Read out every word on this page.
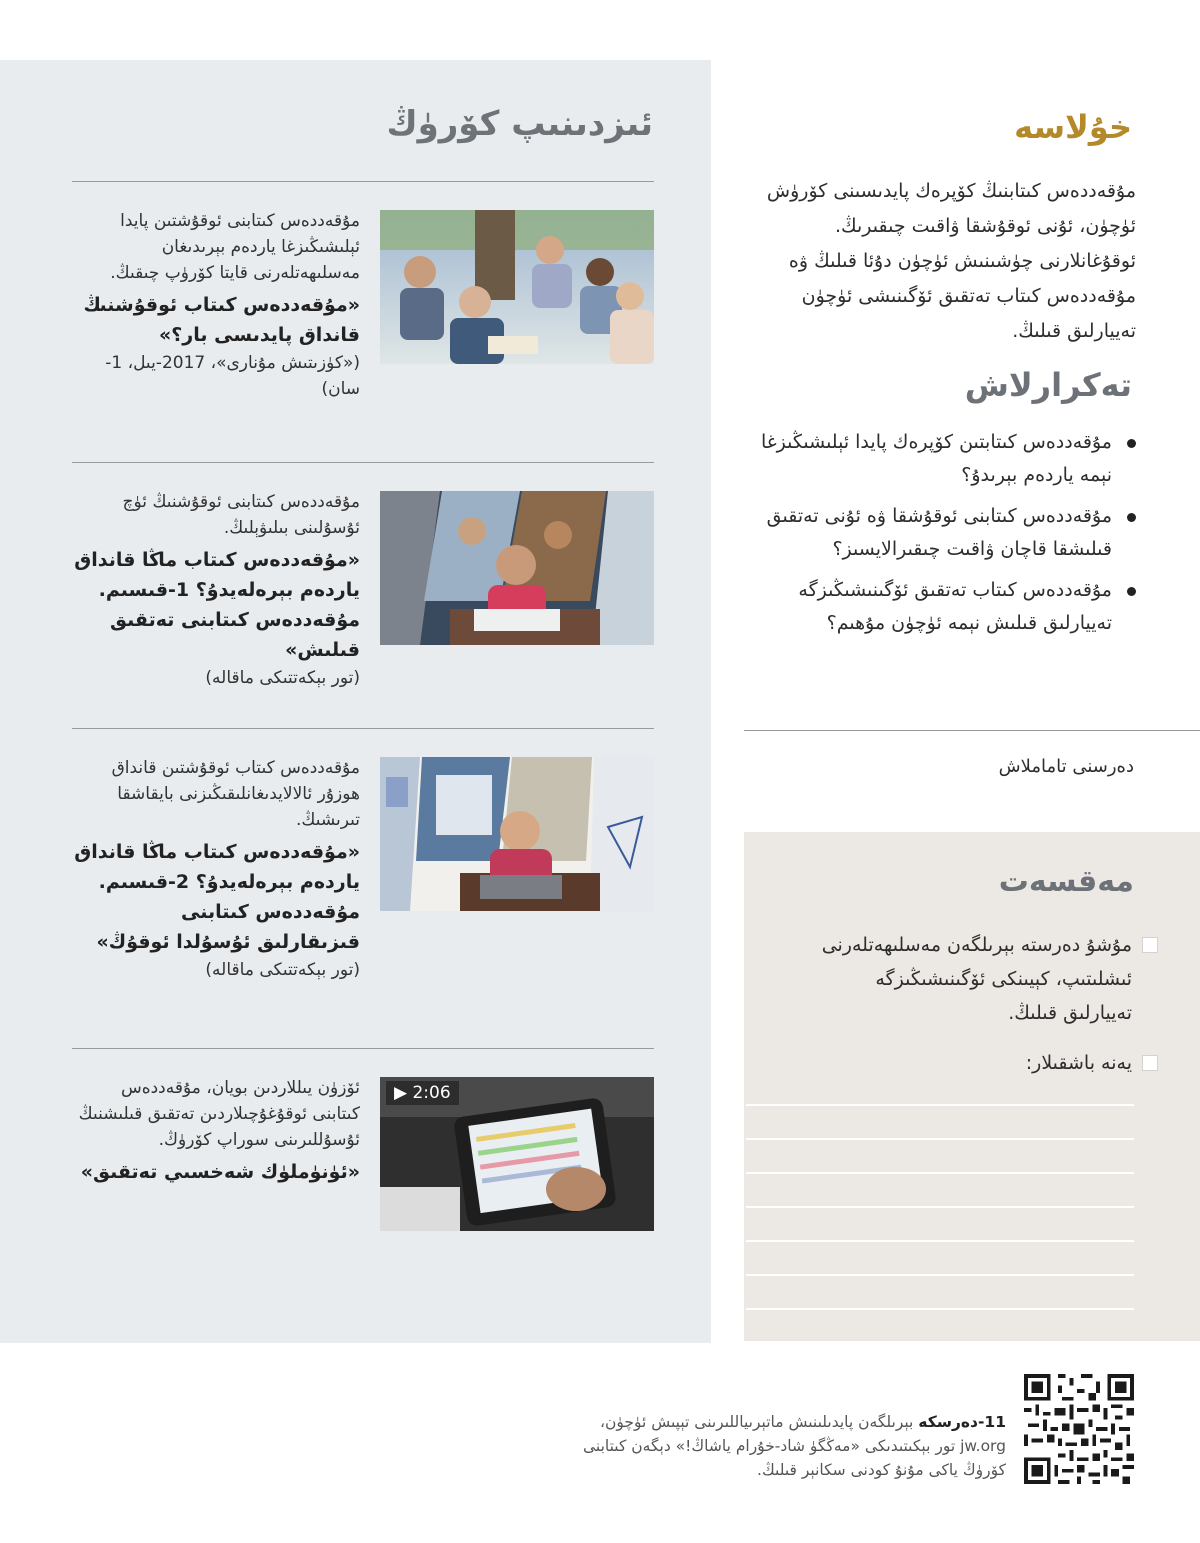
ئىزدىنىپ كۆرۈڭ
مۇقەددەس كىتابنى ئوقۇشتىن پايدا ئېلىشىڭىزغا ياردەم بېرىدىغان مەسلىھەتلەرنى قايتا كۆرۈپ چىقىڭ.
«مۇقەددەس كىتاب ئوقۇشنىڭ قانداق پايدىسى بار؟»
(«كۈزىتىش مۇنارى»، 2017-يىل، 1-سان)
مۇقەددەس كىتابنى ئوقۇشنىڭ ئۈچ ئۇسۇلىنى بىلىۋېلىڭ.
«مۇقەددەس كىتاب ماڭا قانداق ياردەم بېرەلەيدۇ؟ 1-قىسىم. مۇقەددەس كىتابنى تەتقىق قىلىش»
(تور بېكەتتىكى ماقالە)
مۇقەددەس كىتاب ئوقۇشتىن قانداق ھوزۇر ئالالايدىغانلىقىڭىزنى بايقاشقا تىرىشىڭ.
«مۇقەددەس كىتاب ماڭا قانداق ياردەم بېرەلەيدۇ؟ 2-قىسىم. مۇقەددەس كىتابنى قىزىقارلىق ئۇسۇلدا ئوقۇڭ»
(تور بېكەتتىكى ماقالە)
▶ 2:06
ئۆزۈن يىللاردىن بويان، مۇقەددەس كىتابنى ئوقۇغۇچىلاردىن تەتقىق قىلىشنىڭ ئۇسۇللىرىنى سوراپ كۆرۈڭ.
«ئۈنۈملۈك شەخسىي تەتقىق»
خۇلاسە
مۇقەددەس كىتابنىڭ كۆپرەك پايدىسىنى كۆرۈش ئۈچۈن، ئۇنى ئوقۇشقا ۋاقىت چىقىرىڭ. ئوقۇغانلارنى چۈشىنىش ئۈچۈن دۇئا قىلىڭ ۋە مۇقەددەس كىتاب تەتقىق ئۆگىنىشى ئۈچۈن تەييارلىق قىلىڭ.
تەكرارلاش
مۇقەددەس كىتابتىن كۆپرەك پايدا ئېلىشىڭىزغا نېمە ياردەم بېرىدۇ؟
مۇقەددەس كىتابنى ئوقۇشقا ۋە ئۇنى تەتقىق قىلىشقا قاچان ۋاقىت چىقىرالايسىز؟
مۇقەددەس كىتاب تەتقىق ئۆگىنىشىڭىزگە تەييارلىق قىلىش نېمە ئۈچۈن مۇھىم؟
دەرسنى تاماملاش
مەقسەت
مۇشۇ دەرستە بېرىلگەن مەسلىھەتلەرنى ئىشلىتىپ، كېيىنكى ئۆگىنىشىڭىزگە تەييارلىق قىلىڭ.
يەنە باشقىلار:
11-دەرسكە بېرىلگەن پايدىلىنىش ماتېرىياللىرىنى تېپىش ئۈچۈن، jw.org تور بېكىتىدىكى «مەڭگۈ شاد-خۇرام ياشاڭ!» دېگەن كىتابنى كۆرۈڭ ياكى مۇنۇ كودنى سكانېر قىلىڭ.
